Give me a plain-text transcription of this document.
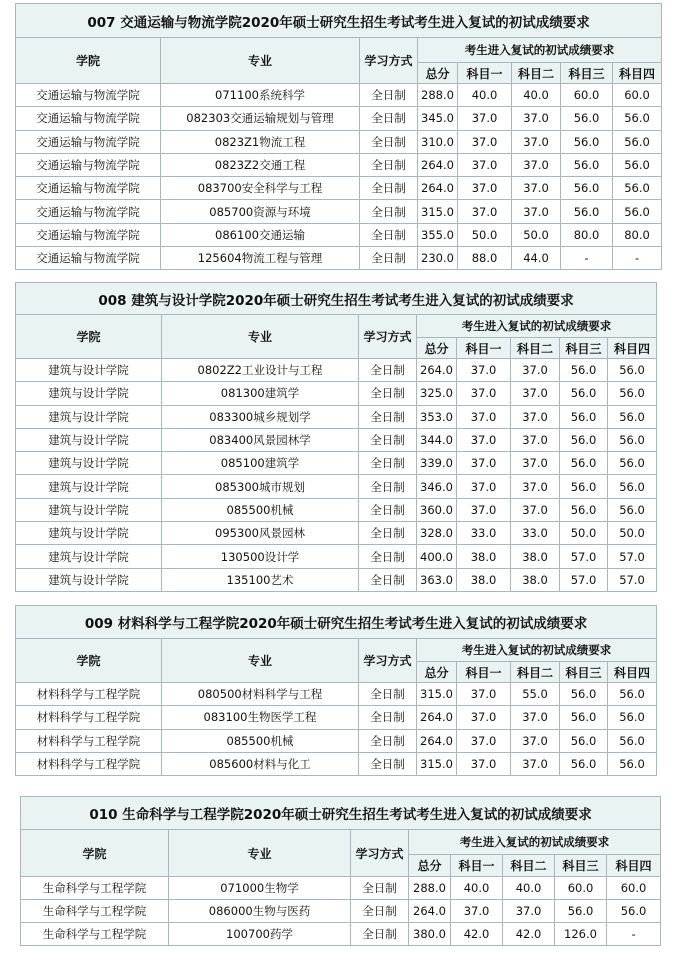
007 交通运输与物流学院2020年硕士研究生招生考试考生进入复试的初试成绩要求							
学院	专业	学习方式	考生进入复试的初试成绩要求				
			总分	科目一	科目二	科目三	科目四
交通运输与物流学院	071100系统科学	全日制	288.0	40.0	40.0	60.0	60.0
交通运输与物流学院	082303交通运输规划与管理	全日制	345.0	37.0	37.0	56.0	56.0
交通运输与物流学院	0823Z1物流工程	全日制	310.0	37.0	37.0	56.0	56.0
交通运输与物流学院	0823Z2交通工程	全日制	264.0	37.0	37.0	56.0	56.0
交通运输与物流学院	083700安全科学与工程	全日制	264.0	37.0	37.0	56.0	56.0
交通运输与物流学院	085700资源与环境	全日制	315.0	37.0	37.0	56.0	56.0
交通运输与物流学院	086100交通运输	全日制	355.0	50.0	50.0	80.0	80.0
交通运输与物流学院	125604物流工程与管理	全日制	230.0	88.0	44.0	-	-
008 建筑与设计学院2020年硕士研究生招生考试考生进入复试的初试成绩要求							
学院	专业	学习方式	考生进入复试的初试成绩要求				
			总分	科目一	科目二	科目三	科目四
建筑与设计学院	0802Z2工业设计与工程	全日制	264.0	37.0	37.0	56.0	56.0
建筑与设计学院	081300建筑学	全日制	325.0	37.0	37.0	56.0	56.0
建筑与设计学院	083300城乡规划学	全日制	353.0	37.0	37.0	56.0	56.0
建筑与设计学院	083400风景园林学	全日制	344.0	37.0	37.0	56.0	56.0
建筑与设计学院	085100建筑学	全日制	339.0	37.0	37.0	56.0	56.0
建筑与设计学院	085300城市规划	全日制	346.0	37.0	37.0	56.0	56.0
建筑与设计学院	085500机械	全日制	360.0	37.0	37.0	56.0	56.0
建筑与设计学院	095300风景园林	全日制	328.0	33.0	33.0	50.0	50.0
建筑与设计学院	130500设计学	全日制	400.0	38.0	38.0	57.0	57.0
建筑与设计学院	135100艺术	全日制	363.0	38.0	38.0	57.0	57.0
009 材料科学与工程学院2020年硕士研究生招生考试考生进入复试的初试成绩要求							
学院	专业	学习方式	考生进入复试的初试成绩要求				
			总分	科目一	科目二	科目三	科目四
材料科学与工程学院	080500材料科学与工程	全日制	315.0	37.0	55.0	56.0	56.0
材料科学与工程学院	083100生物医学工程	全日制	264.0	37.0	37.0	56.0	56.0
材料科学与工程学院	085500机械	全日制	264.0	37.0	37.0	56.0	56.0
材料科学与工程学院	085600材料与化工	全日制	315.0	37.0	37.0	56.0	56.0
010 生命科学与工程学院2020年硕士研究生招生考试考生进入复试的初试成绩要求							
学院	专业	学习方式	考生进入复试的初试成绩要求				
			总分	科目一	科目二	科目三	科目四
生命科学与工程学院	071000生物学	全日制	288.0	40.0	40.0	60.0	60.0
生命科学与工程学院	086000生物与医药	全日制	264.0	37.0	37.0	56.0	56.0
生命科学与工程学院	100700药学	全日制	380.0	42.0	42.0	126.0	-
